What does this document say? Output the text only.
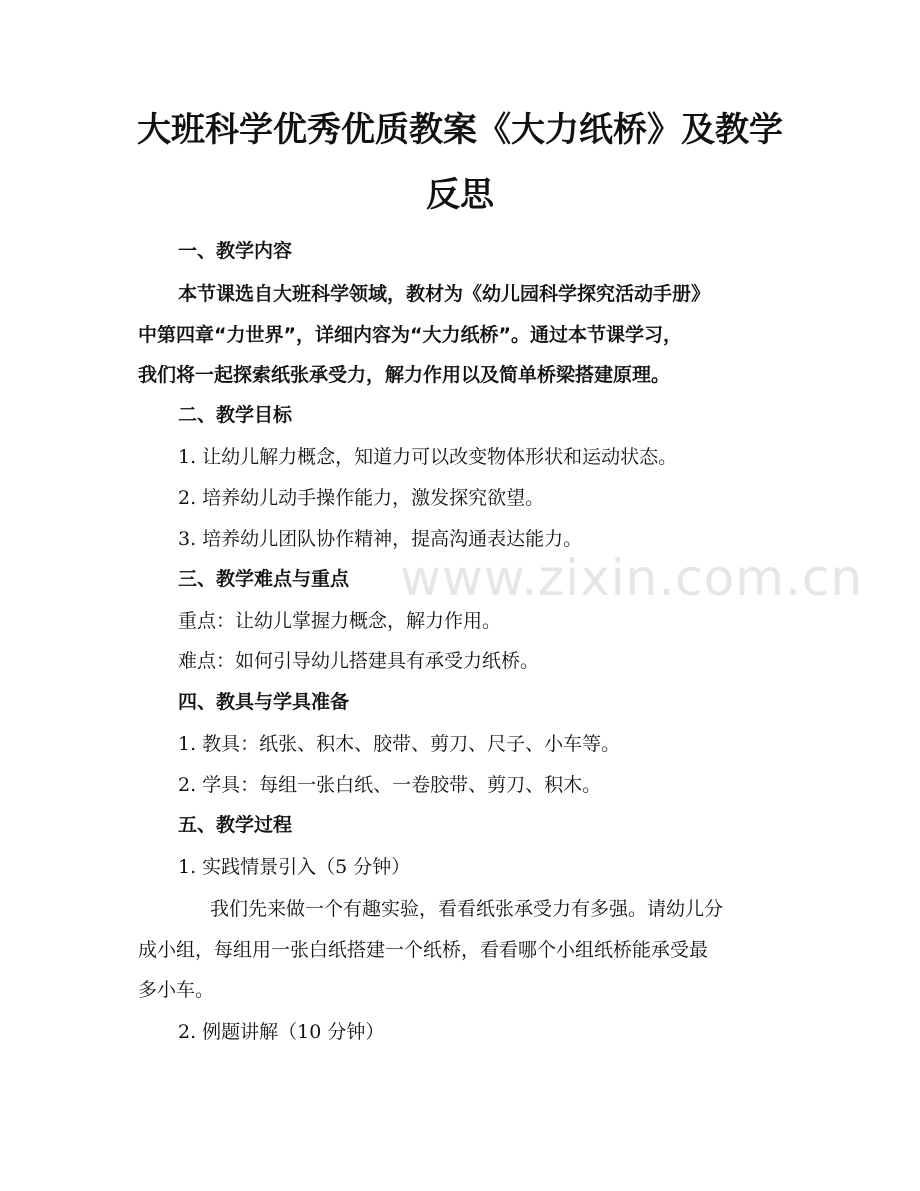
www.zixin.com.cn
大班科学优秀优质教案《大力纸桥》及教学
反思

一、教学内容

本节课选自大班科学领域，教材为《幼儿园科学探究活动手册》

中第四章“力世界”，详细内容为“大力纸桥”。通过本节课学习，

我们将一起探索纸张承受力，解力作用以及简单桥梁搭建原理。

二、教学目标

1. 让幼儿解力概念，知道力可以改变物体形状和运动状态。

2. 培养幼儿动手操作能力，激发探究欲望。

3. 培养幼儿团队协作精神，提高沟通表达能力。

三、教学难点与重点

重点：让幼儿掌握力概念，解力作用。

难点：如何引导幼儿搭建具有承受力纸桥。

四、教具与学具准备

1. 教具：纸张、积木、胶带、剪刀、尺子、小车等。

2. 学具：每组一张白纸、一卷胶带、剪刀、积木。

五、教学过程

1. 实践情景引入（5 分钟）

我们先来做一个有趣实验，看看纸张承受力有多强。请幼儿分

成小组，每组用一张白纸搭建一个纸桥，看看哪个小组纸桥能承受最

多小车。

2. 例题讲解（10 分钟）
